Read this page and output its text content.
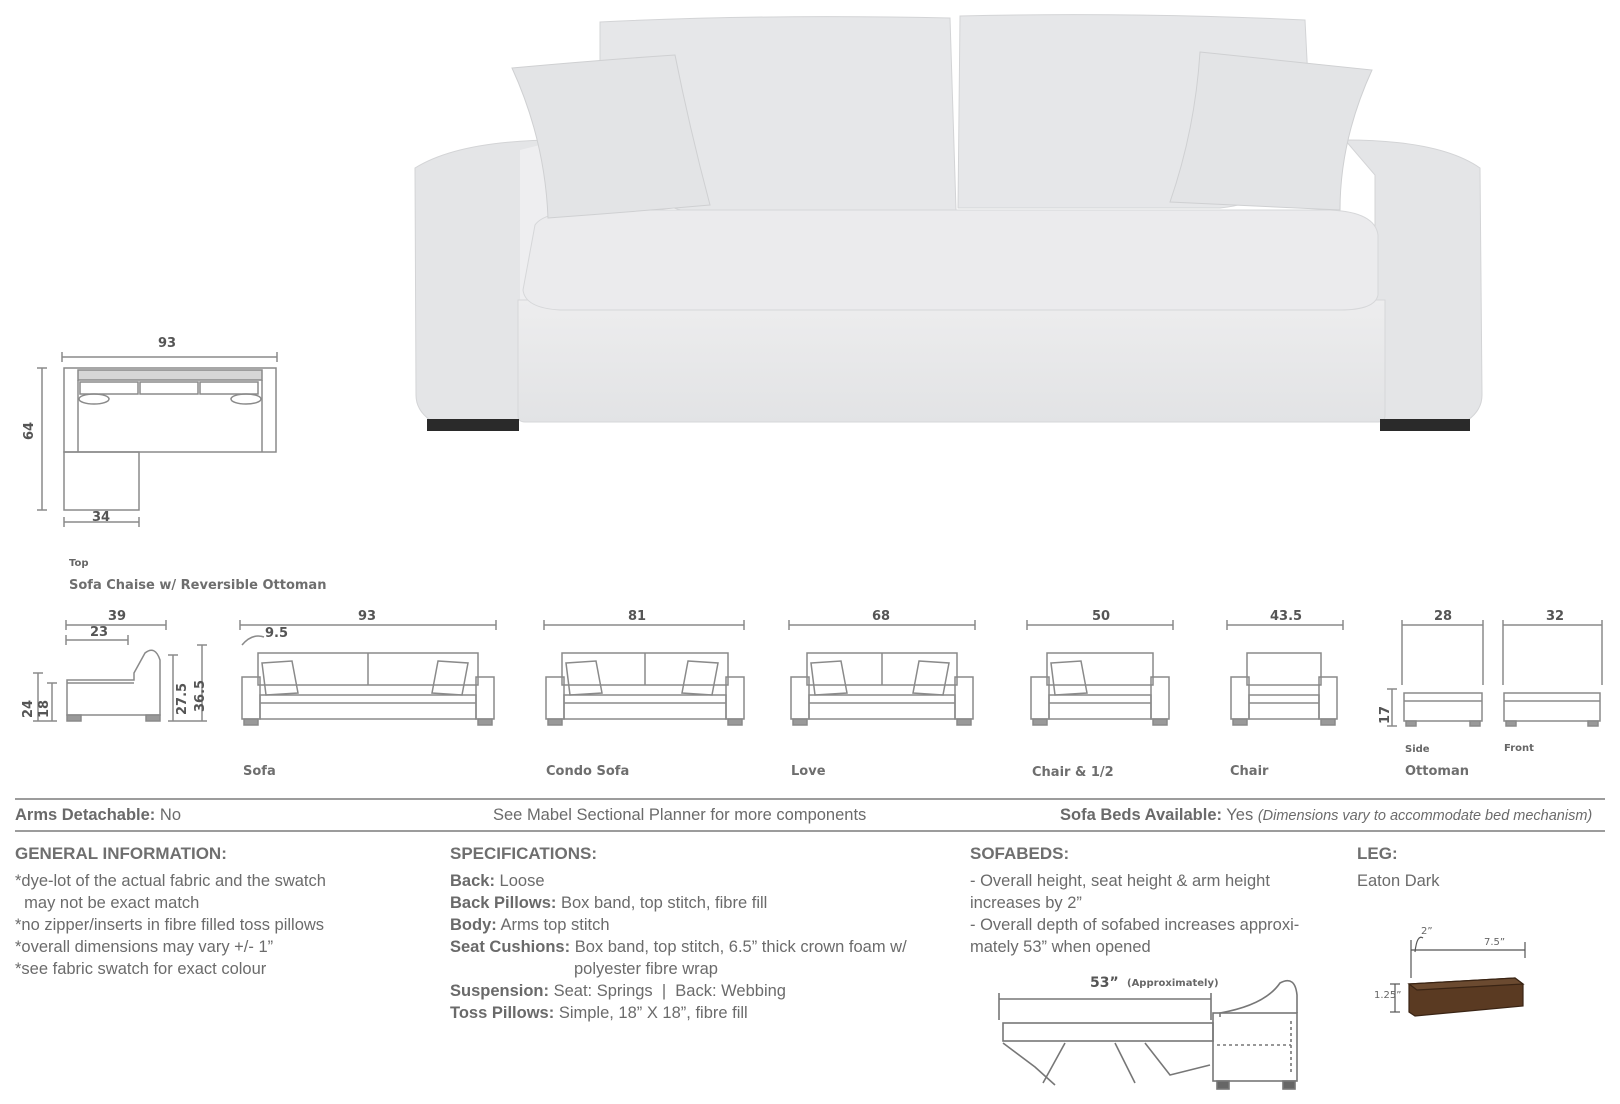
93
64
34
Top
Sofa Chaise w/ Reversible Ottoman
39
23
24 18	27.5 36.5
93
9.5
Sofa
81
Condo Sofa
68
Love
50
Chair & 1/2
43.5
Chair
28	32
17
Side	Front
Ottoman
Arms Detachable: No	See Mabel Sectional Planner for more components	Sofa Beds Available: Yes (Dimensions vary to accommodate bed mechanism)
GENERAL INFORMATION:
*dye-lot of the actual fabric and the swatch
may not be exact match
*no zipper/inserts in fibre filled toss pillows
*overall dimensions may vary +/- 1”
*see fabric swatch for exact colour
SPECIFICATIONS:
Back: Loose
Back Pillows: Box band, top stitch, fibre fill
Body: Arms top stitch
Seat Cushions: Box band, top stitch, 6.5” thick crown foam w/
polyester fibre wrap
Suspension: Seat: Springs  |  Back: Webbing
Toss Pillows: Simple, 18” X 18”, fibre fill
SOFABEDS:
- Overall height, seat height & arm height
increases by 2”
- Overall depth of sofabed increases approxi-
mately 53” when opened
53” (Approximately)
LEG:
Eaton Dark
2”
7.5”
1.25”
